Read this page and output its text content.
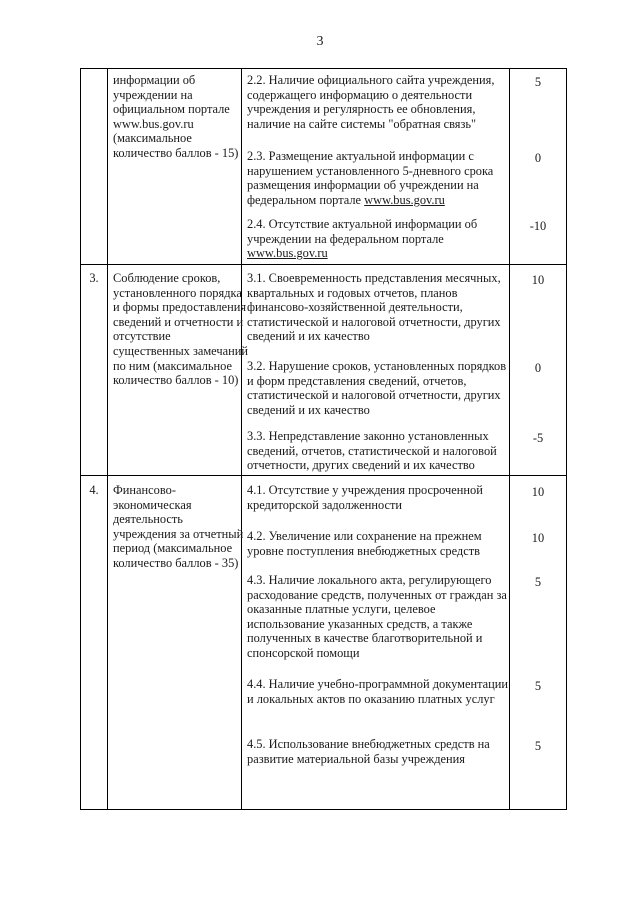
3
информации об учреждении на официальном портале www.bus.gov.ru (максимальное количество баллов - 15)
2.2. Наличие официального сайта учреждения, содержащего информацию о деятельности учреждения и регулярность ее обновления, наличие на сайте системы "обратная связь"
5
2.3. Размещение актуальной информации с нарушением установленного 5-дневного срока размещения информации об учреждении на федеральном портале www.bus.gov.ru
0
2.4. Отсутствие актуальной информации об учреждении на федеральном портале www.bus.gov.ru
-10
3.	Соблюдение сроков, установленного порядка и формы предоставления сведений и отчетности и отсутствие существенных замечаний по ним (максимальное количество баллов - 10)
3.1. Своевременность представления месячных, квартальных и годовых отчетов, планов финансово-хозяйственной деятельности, статистической и налоговой отчетности, других сведений и их качество
10
3.2. Нарушение сроков, установленных порядков и форм представления сведений, отчетов, статистической и налоговой отчетности, других сведений и их качество
0
3.3. Непредставление законно установленных сведений, отчетов, статистической и налоговой отчетности, других сведений и их качество
-5
4.	Финансово-экономическая деятельность учреждения за отчетный период (максимальное количество баллов - 35)
4.1. Отсутствие у учреждения просроченной кредиторской задолженности
10
4.2. Увеличение или сохранение на прежнем уровне поступления внебюджетных средств
10
4.3. Наличие локального акта, регулирующего расходование средств, полученных от граждан за оказанные платные услуги, целевое использование указанных средств, а также полученных в качестве благотворительной и спонсорской помощи
5
4.4. Наличие учебно-программной документации и локальных актов по оказанию платных услуг
5
4.5. Использование внебюджетных средств на развитие материальной базы учреждения
5
